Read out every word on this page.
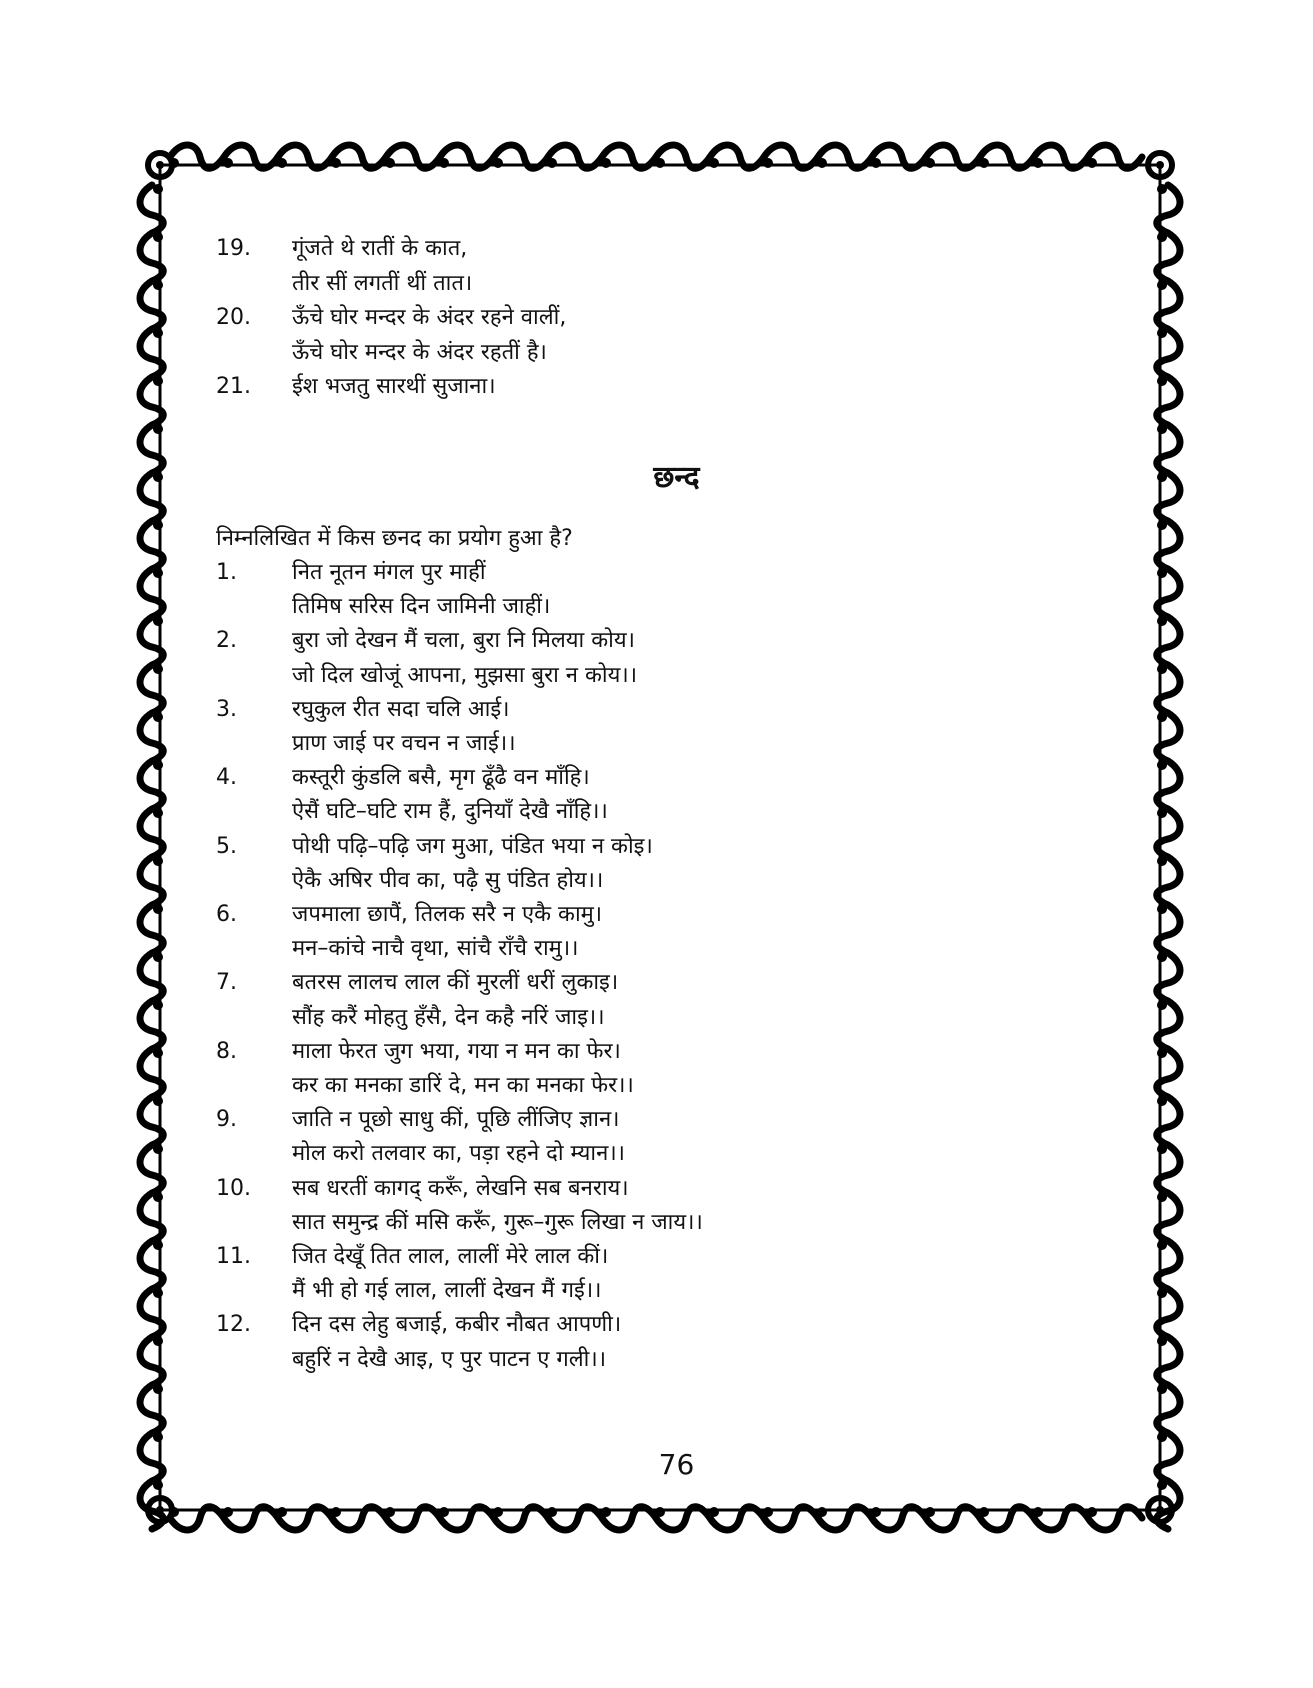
19.	गूंजते थे रातीं के कात,
तीर सीं लगतीं थीं तात।
20.	ऊँचे घोर मन्दर के अंदर रहने वालीं,
ऊँचे घोर मन्दर के अंदर रहतीं है।
21.	ईश भजतु सारथीं सुजाना।
छन्द
निम्नलिखित में किस छनद का प्रयोग हुआ है?
1.	नित नूतन मंगल पुर माहीं
तिमिष सरिस दिन जामिनी जाहीं।
2.	बुरा जो देखन मैं चला, बुरा नि मिलया कोय।
जो दिल खोजूं आपना, मुझसा बुरा न कोय।।
3.	रघुकुल रीत सदा चलि आई।
प्राण जाई पर वचन न जाई।।
4.	कस्तूरी कुंडलि बसै, मृग ढूँढै वन माँहि।
ऐसैं घटि–घटि राम हैं, दुनियाँ देखै नाँहि।।
5.	पोथी पढ़ि–पढ़ि जग मुआ, पंडित भया न कोइ।
ऐकै अषिर पीव का, पढ़ै सु पंडित होय।।
6.	जपमाला छापैं, तिलक सरै न एकै कामु।
मन–कांचे नाचै वृथा, सांचै राँचै रामु।।
7.	बतरस लालच लाल कीं मुरलीं धरीं लुकाइ।
सौंह करैं मोहतु हँसै, देन कहै नरिं जाइ।।
8.	माला फेरत जुग भया, गया न मन का फेर।
कर का मनका डारिं दे, मन का मनका फेर।।
9.	जाति न पूछो साधु कीं, पूछि लींजिए ज्ञान।
मोल करो तलवार का, पड़ा रहने दो म्यान।।
10.	सब धरतीं कागद् करूँ, लेखनि सब बनराय।
सात समुन्द्र कीं मसि करूँ, गुरू–गुरू लिखा न जाय।।
11.	जित देखूँ तित लाल, लालीं मेरे लाल कीं।
मैं भी हो गई लाल, लालीं देखन मैं गई।।
12.	दिन दस लेहु बजाई, कबीर नौबत आपणी।
बहुरिं न देखै आइ, ए पुर पाटन ए गली।।
76
